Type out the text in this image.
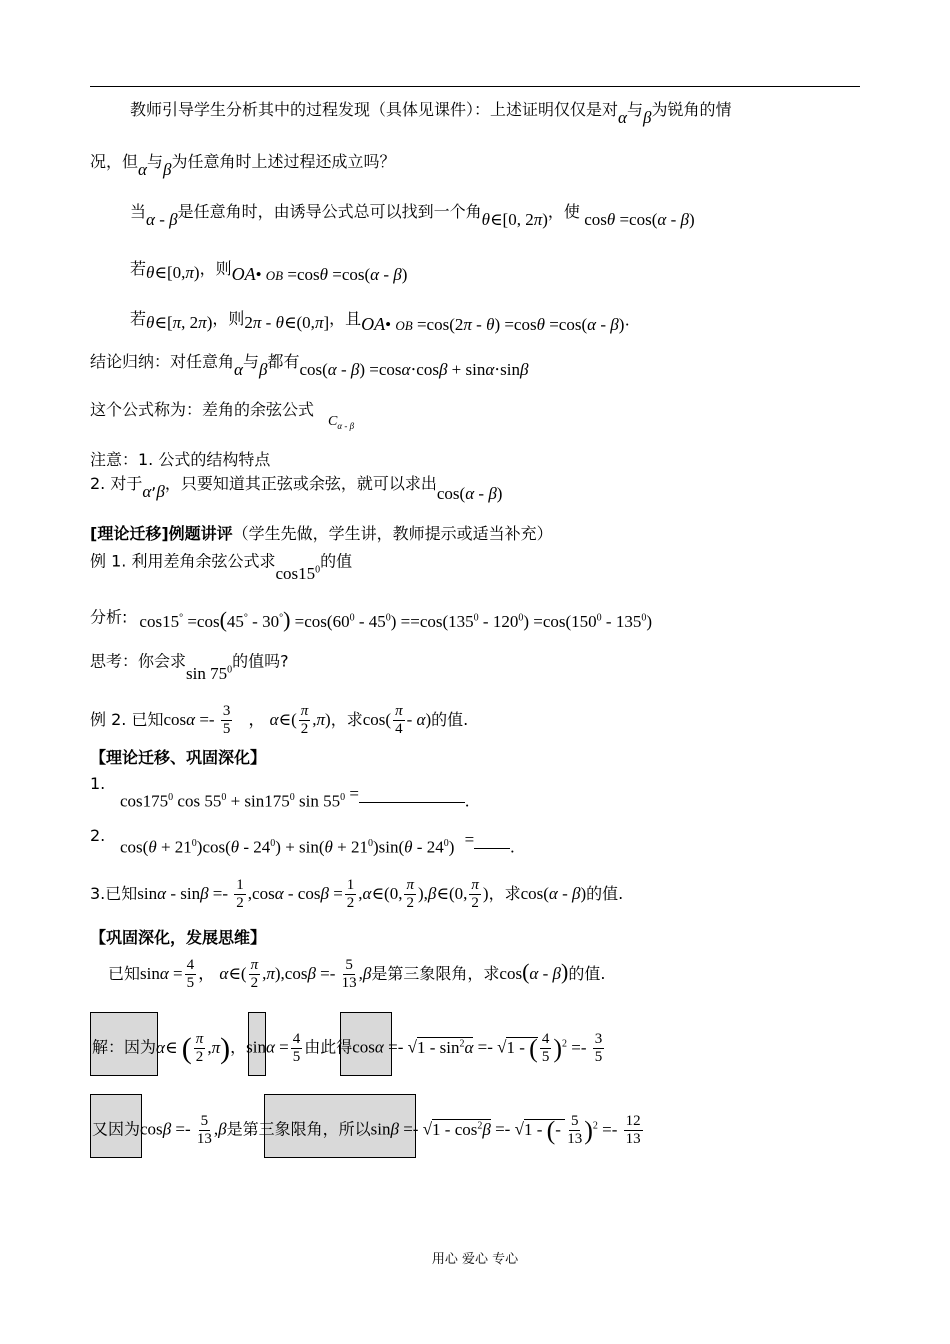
教师引导学生分析其中的过程发现（具体见课件）：上述证明仅仅是对α与β为锐角的情
况，但α与β为任意角时上述过程还成立吗？
当α - β是任意角时，由诱导公式总可以找到一个角θ∈[0, 2π)，使 cosθ =cos(α - β)
若θ∈[0,π)，则OA• OB =cosθ =cos(α - β)
若θ∈[π, 2π)，则2π - θ∈(0,π]，且OA• OB =cos(2π - θ) =cosθ =cos(α - β)·
结论归纳：对任意角α与β都有cos(α - β) =cosα⋅cosβ + sinα⋅sinβ
这个公式称为：差角的余弦公式$C_{\alpha - \beta}$
注意：1. 公式的结构特点
2. 对于α,β，只要知道其正弦或余弦，就可以求出cos(α - β)
[理论迁移]例题讲评（学生先做，学生讲，教师提示或适当补充）
例 1. 利用差角余弦公式求$\cos 15^0$的值
分析: $\cos 15^\circ =\cos(45^\circ - 30^\circ) =\cos(60^0 - 45^0) ==\cos(135^0 - 120^0) =\cos(150^0 - 135^0)$
思考：你会求$\sin 75^0$的值吗?
例 2. 已知$\cos\alpha =- \frac{3}{5}$ ， α∈( $\frac{\pi}{2} ,\pi$)，求$\cos( \frac{\pi}{4} - \alpha)$的值.
【理论迁移、巩固深化】
1.
$\cos 175^0$ $\cos 55^0 + \sin 175^0$ $\sin 55^0$ =	.
2.
$\cos(\theta + 21^0)\cos(\theta - 24^0) + \sin(\theta + 21^0)\sin(\theta - 24^0)$ = .
3.已知$\sin\alpha - \sin\beta =- \frac{1}{2} ,\cos\alpha - \cos\beta = \frac{1}{2}$ ,α∈(0, $\frac{\pi}{2}$ ),β∈(0, $\frac{\pi}{2}$ )，求cos(α - β)的值.
【巩固深化，发展思维】
已知$\sin\alpha = \frac{4}{5}$ ， α∈( $\frac{\pi}{2} ,\pi),\cos\beta =- \frac{5}{13} ,\beta$是第三象限角，求cos(α - β)的值.
解：因为α∈ ( $\frac{\pi}{2} ,\pi$)，$\sin\alpha = \frac{4}{5}$ 由此得$\cos\alpha =- √1 - \sin^2\alpha =- √1$ - ( $\frac{4}{5} )^2 =- \frac{3}{5}$
又因为$\cos\beta =- \frac{5}{13} ,\beta$是第三象限角，所以$\sin\beta =- √1 - \cos^2\beta =- √1$ - (- $\frac{5}{13} )^2 =- \frac{12}{13}$
用心 爱心 专心
